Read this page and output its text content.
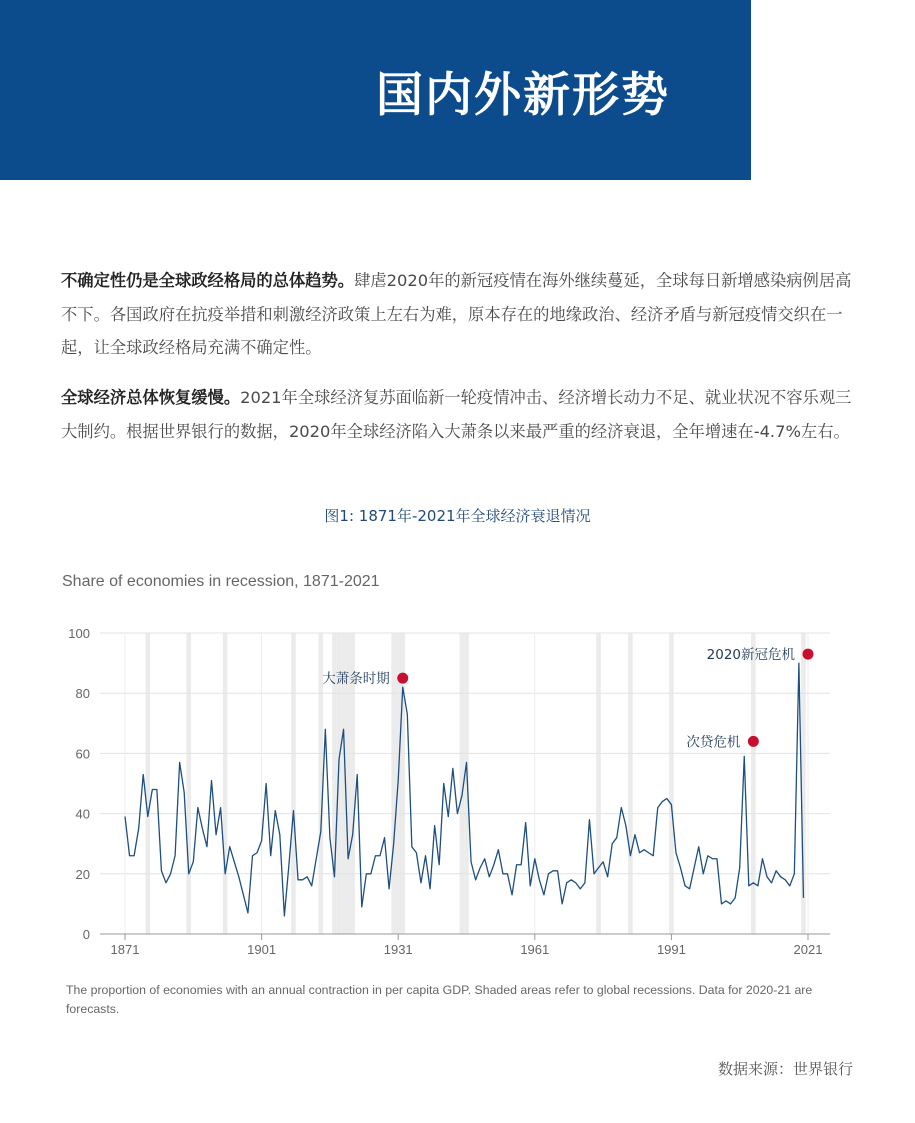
国内外新形势

不确定性仍是全球政经格局的总体趋势。肆虐2020年的新冠疫情在海外继续蔓延，全球每日新增感染病例居高不下。各国政府在抗疫举措和刺激经济政策上左右为难，原本存在的地缘政治、经济矛盾与新冠疫情交织在一起，让全球政经格局充满不确定性。

全球经济总体恢复缓慢。2021年全球经济复苏面临新一轮疫情冲击、经济增长动力不足、就业状况不容乐观三大制约。根据世界银行的数据，2020年全球经济陷入大萧条以来最严重的经济衰退，全年增速在-4.7%左右。

图1: 1871年-2021年全球经济衰退情况

Share of economies in recession, 1871-2021

0
20
40
60
80
100
1871	1901	1931	1961	1991	2021
大萧条时期
次贷危机
2020新冠危机

The proportion of economies with an annual contraction in per capita GDP. Shaded areas refer to global recessions. Data for 2020-21 are forecasts.

数据来源：世界银行
